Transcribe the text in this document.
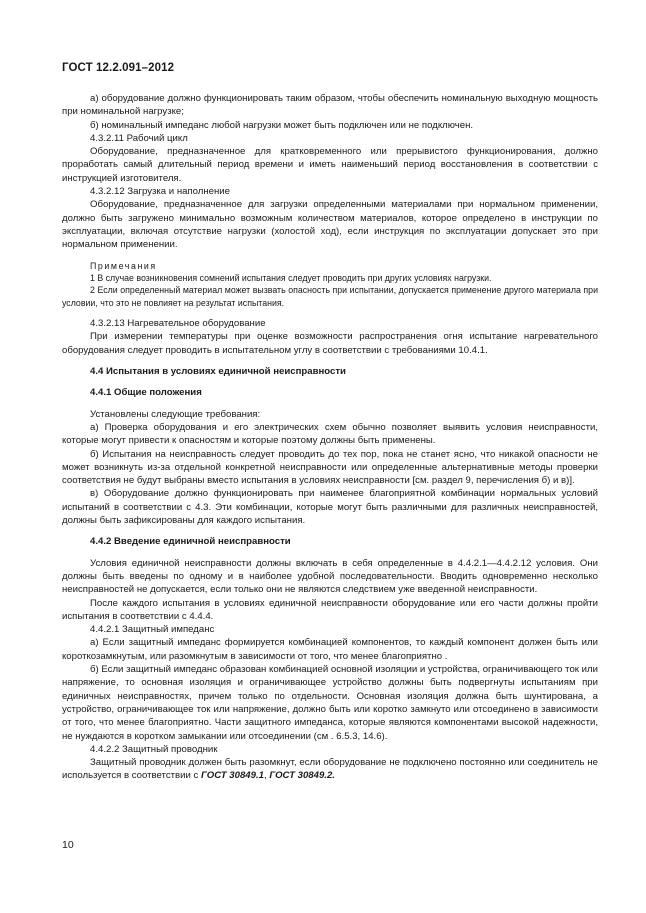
ГОСТ 12.2.091–2012

а) оборудование должно функционировать таким образом, чтобы обеспечить номинальную выходную мощность при номинальной нагрузке;

б) номинальный импеданс любой нагрузки может быть подключен или не подключен.

4.3.2.11 Рабочий цикл

Оборудование, предназначенное для кратковременного или прерывистого функционирования, должно проработать самый длительный период времени и иметь наименьший период восстановления в соответствии с инструкцией изготовителя.

4.3.2.12 Загрузка и наполнение

Оборудование, предназначенное для загрузки определенными материалами при нормальном применении, должно быть загружено минимально возможным количеством материалов, которое определено в инструкции по эксплуатации, включая отсутствие нагрузки (холостой ход), если инструкция по эксплуатации допускает это при нормальном применении.

Примечания

1 В случае возникновения сомнений испытания следует проводить при других условиях нагрузки.

2 Если определенный материал может вызвать опасность при испытании, допускается применение другого материала при условии, что это не повлияет на результат испытания.

4.3.2.13 Нагревательное оборудование

При измерении температуры при оценке возможности распространения огня испытание нагревательного оборудования следует проводить в испытательном углу в соответствии с требованиями 10.4.1.

4.4 Испытания в условиях единичной неисправности

4.4.1 Общие положения

Установлены следующие требования:

а) Проверка оборудования и его электрических схем обычно позволяет выявить условия неисправности, которые могут привести к опасностям и которые поэтому должны быть применены.

б) Испытания на неисправность следует проводить до тех пор, пока не станет ясно, что никакой опасности не может возникнуть из-за отдельной конкретной неисправности или определенные альтернативные методы проверки соответствия не будут выбраны вместо испытания в условиях неисправности [см. раздел 9, перечисления б) и в)].

в) Оборудование должно функционировать при наименее благоприятной комбинации нормальных условий испытаний в соответствии с 4.3. Эти комбинации, которые могут быть различными для различных неисправностей, должны быть зафиксированы для каждого испытания.

4.4.2 Введение единичной неисправности

Условия единичной неисправности должны включать в себя определенные в 4.4.2.1—4.4.2.12 условия. Они должны быть введены по одному и в наиболее удобной последовательности. Вводить одновременно несколько неисправностей не допускается, если только они не являются следствием уже введенной неисправности.

После каждого испытания в условиях единичной неисправности оборудование или его части должны пройти испытания в соответствии с 4.4.4.

4.4.2.1 Защитный импеданс

а) Если защитный импеданс формируется комбинацией компонентов, то каждый компонент должен быть или короткозамкнутым, или разомкнутым в зависимости от того, что менее благоприятно .

б) Если защитный импеданс образован комбинацией основной изоляции и устройства, ограничивающего ток или напряжение, то основная изоляция и ограничивающее устройство должны быть подвергнуты испытаниям при единичных неисправностях, причем только по отдельности. Основная изоляция должна быть шунтирована, а устройство, ограничивающее ток или напряжение, должно быть или коротко замкнуто или отсоединено в зависимости от того, что менее благоприятно. Части защитного импеданса, которые являются компонентами высокой надежности, не нуждаются в коротком замыкании или отсоединении (см . 6.5.3, 14.6).

4.4.2.2 Защитный проводник

Защитный проводник должен быть разомкнут, если оборудование не подключено постоянно или соединитель не используется в соответствии с ГОСТ 30849.1, ГОСТ 30849.2.

10
